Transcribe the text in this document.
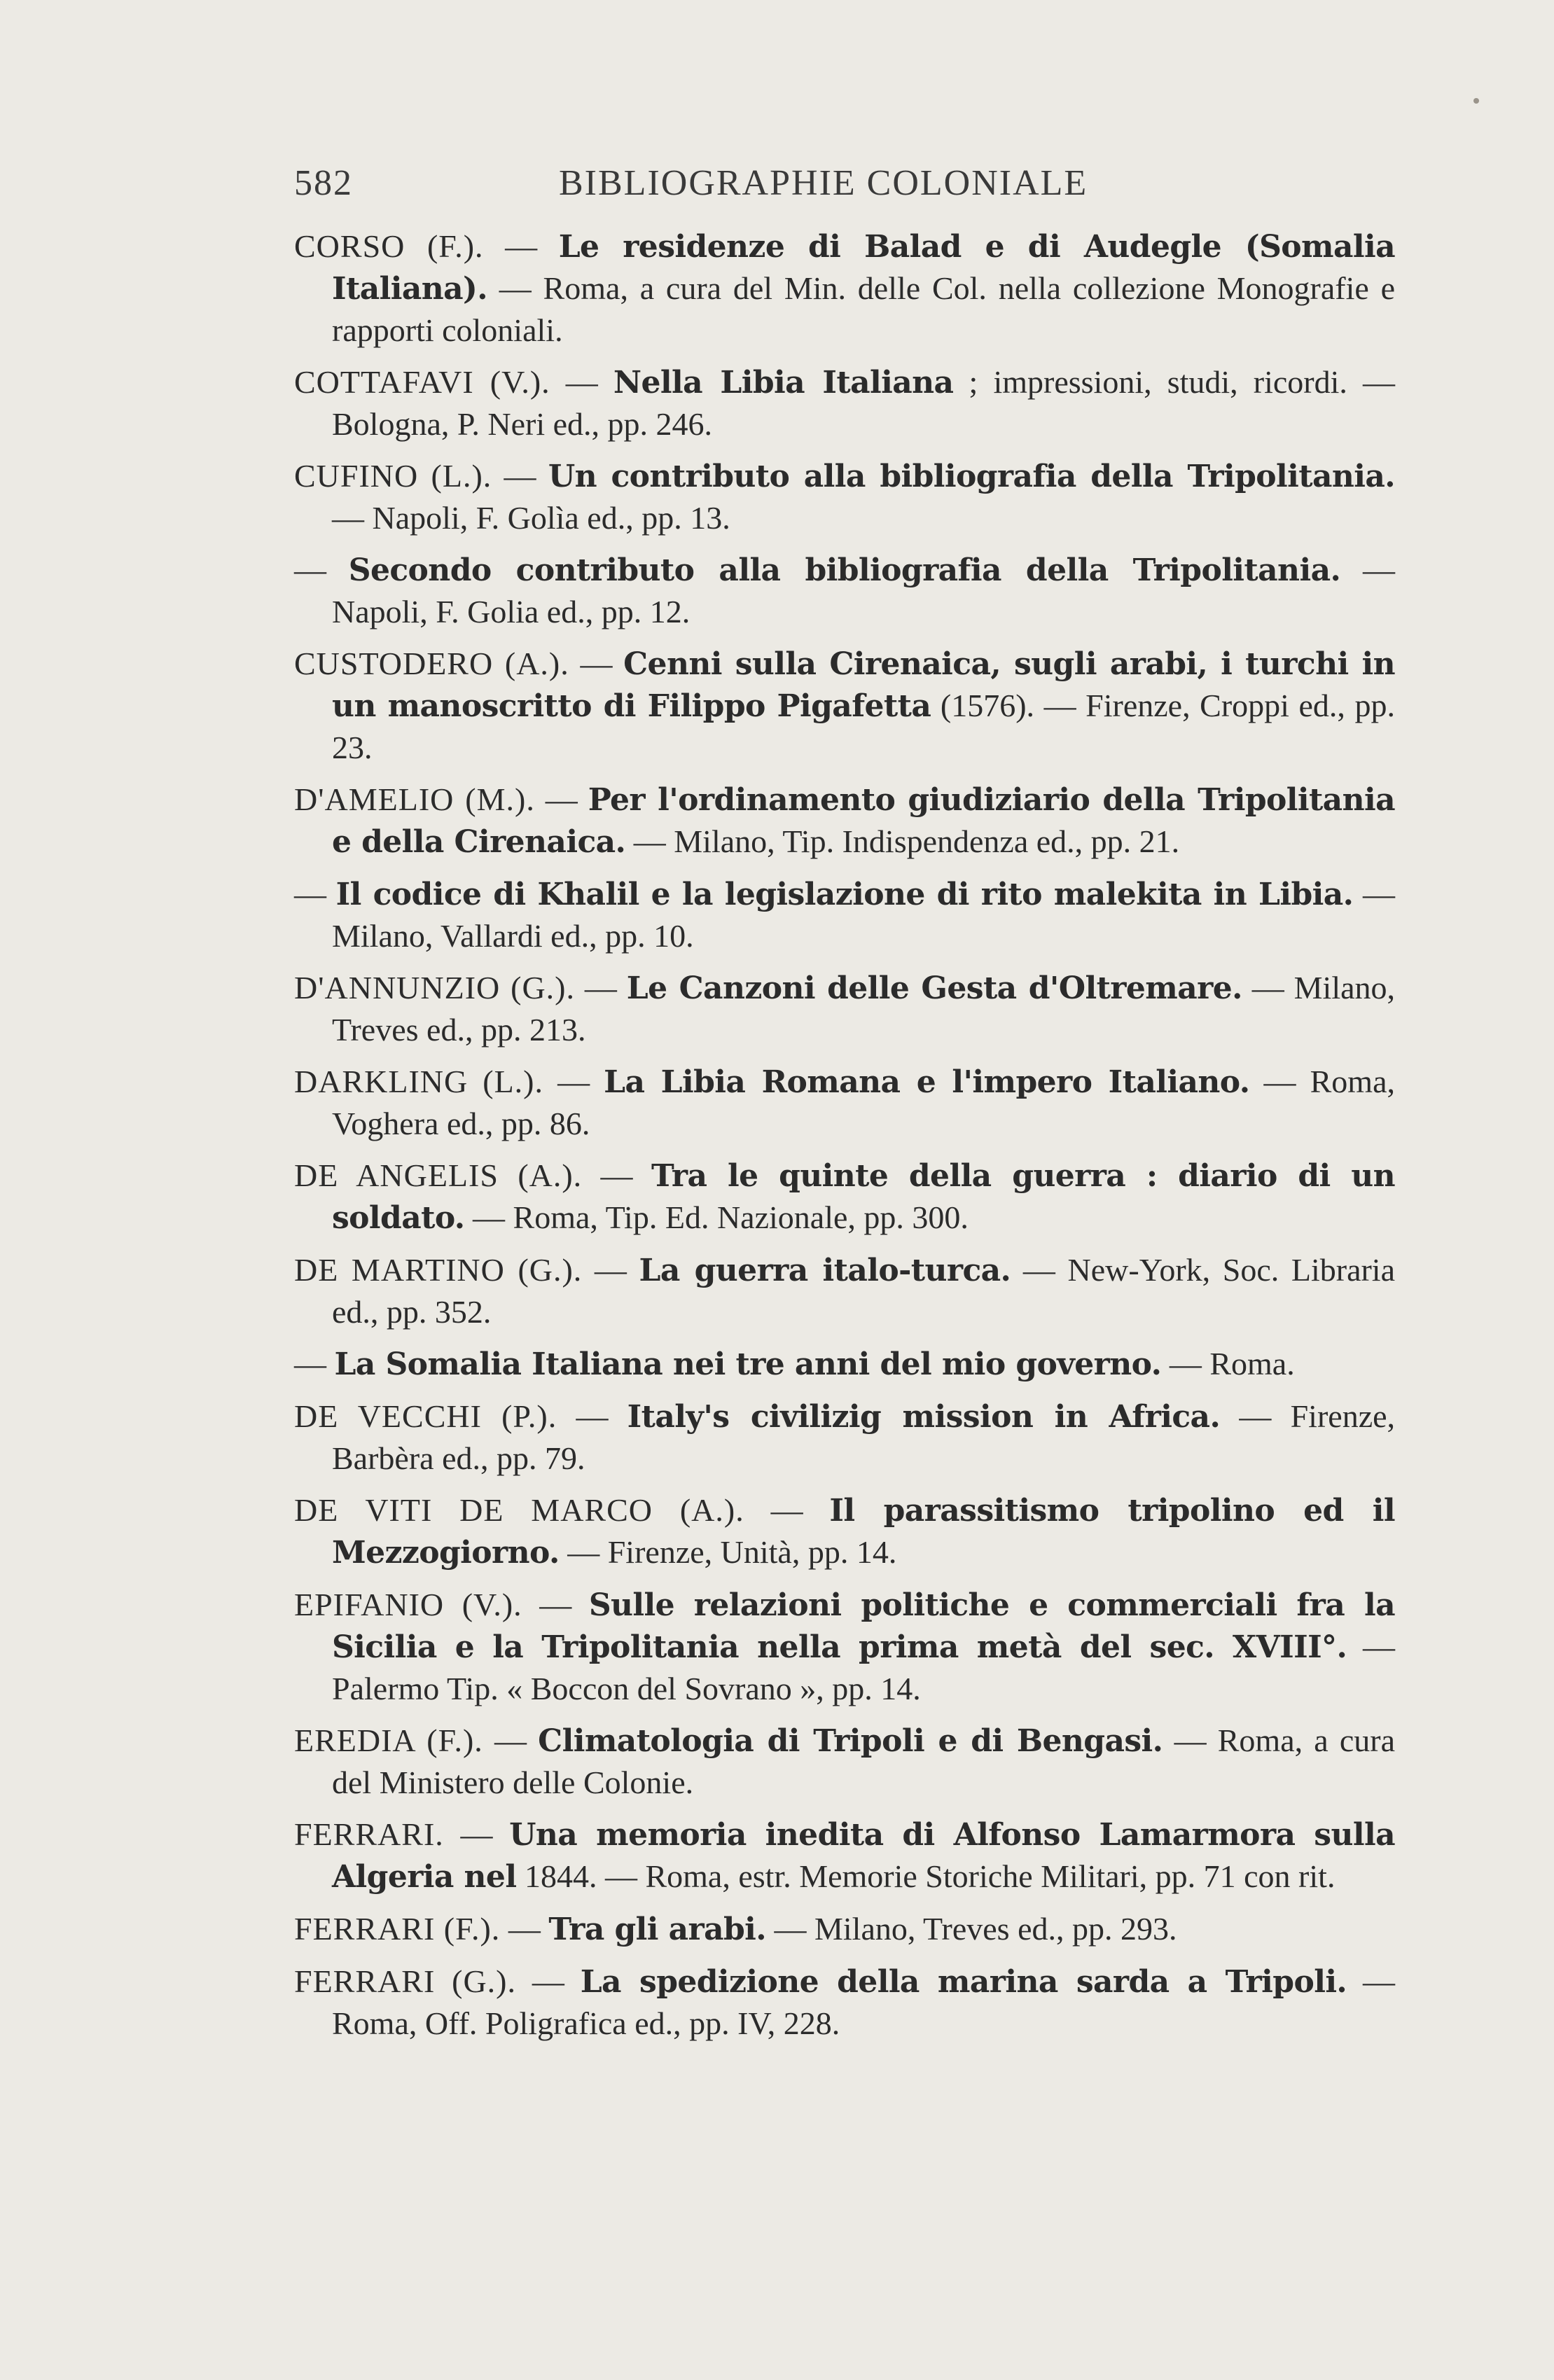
582	BIBLIOGRAPHIE COLONIALE

CORSO (F.). — Le residenze di Balad e di Audegle (Somalia Italiana). — Roma, a cura del Min. delle Col. nella collezione Monografie e rapporti coloniali.

COTTAFAVI (V.). — Nella Libia Italiana ; impressioni, studi, ricordi. — Bologna, P. Neri ed., pp. 246.

CUFINO (L.). — Un contributo alla bibliografia della Tripolitania. — Napoli, F. Golìa ed., pp. 13.

— Secondo contributo alla bibliografia della Tripolitania. — Napoli, F. Golia ed., pp. 12.

CUSTODERO (A.). — Cenni sulla Cirenaica, sugli arabi, i turchi in un manoscritto di Filippo Pigafetta (1576). — Firenze, Croppi ed., pp. 23.

D'AMELIO (M.). — Per l'ordinamento giudiziario della Tripolitania e della Cirenaica. — Milano, Tip. Indispendenza ed., pp. 21.

— Il codice di Khalil e la legislazione di rito malekita in Libia. — Milano, Vallardi ed., pp. 10.

D'ANNUNZIO (G.). — Le Canzoni delle Gesta d'Oltremare. — Milano, Treves ed., pp. 213.

DARKLING (L.). — La Libia Romana e l'impero Italiano. — Roma, Voghera ed., pp. 86.

DE ANGELIS (A.). — Tra le quinte della guerra : diario di un soldato. — Roma, Tip. Ed. Nazionale, pp. 300.

DE MARTINO (G.). — La guerra italo-turca. — New-York, Soc. Libraria ed., pp. 352.

— La Somalia Italiana nei tre anni del mio governo. — Roma.

DE VECCHI (P.). — Italy's civilizig mission in Africa. — Firenze, Barbèra ed., pp. 79.

DE VITI DE MARCO (A.). — Il parassitismo tripolino ed il Mezzogiorno. — Firenze, Unità, pp. 14.

EPIFANIO (V.). — Sulle relazioni politiche e commerciali fra la Sicilia e la Tripolitania nella prima metà del sec. XVIII°. — Palermo Tip. « Boccon del Sovrano », pp. 14.

EREDIA (F.). — Climatologia di Tripoli e di Bengasi. — Roma, a cura del Ministero delle Colonie.

FERRARI. — Una memoria inedita di Alfonso Lamarmora sulla Algeria nel 1844. — Roma, estr. Memorie Storiche Militari, pp. 71 con rit.

FERRARI (F.). — Tra gli arabi. — Milano, Treves ed., pp. 293.

FERRARI (G.). — La spedizione della marina sarda a Tripoli. — Roma, Off. Poligrafica ed., pp. IV, 228.
